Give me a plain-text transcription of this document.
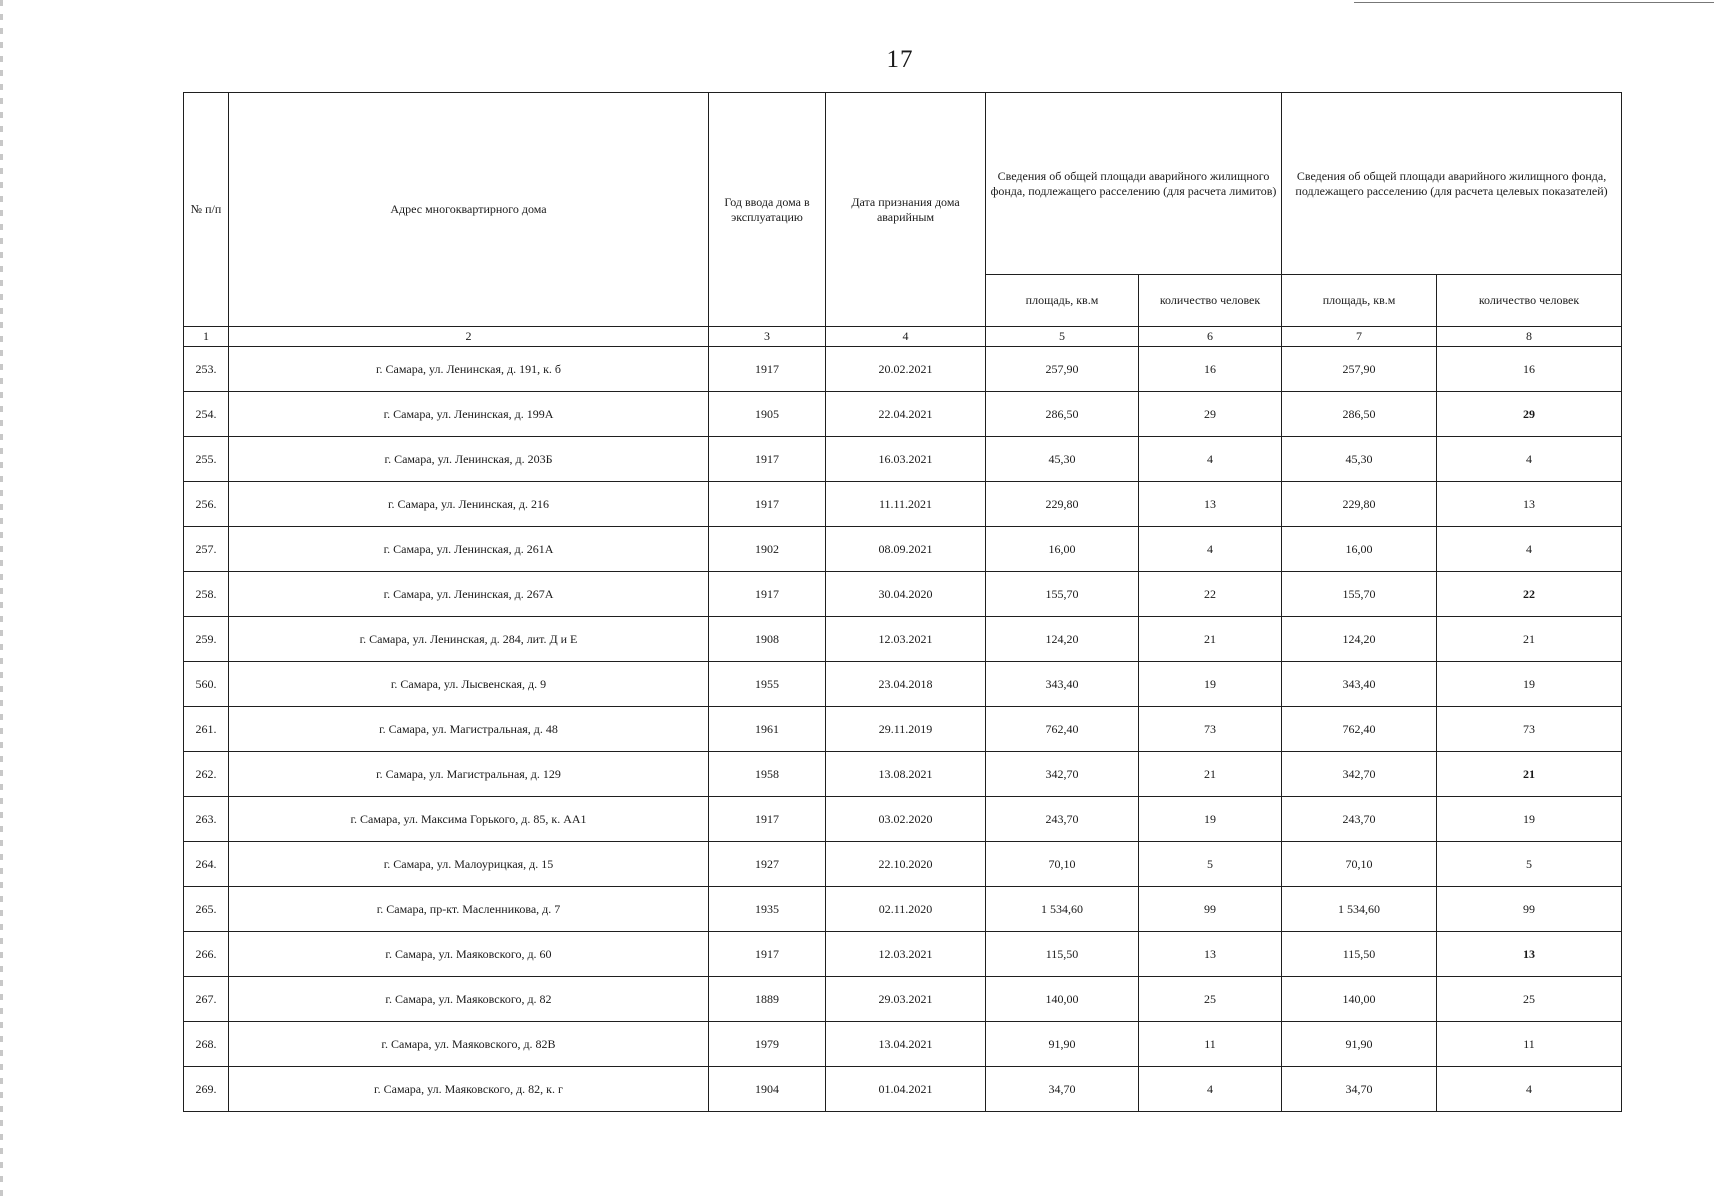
17
№ п/п	Адрес многоквартирного дома	Год ввода дома в эксплуатацию	Дата признания дома аварийным	Сведения об общей площади аварийного жилищного фонда, подлежащего расселению (для расчета лимитов)		Сведения об общей площади аварийного жилищного фонда, подлежащего расселению (для расчета целевых показателей)	
				площадь, кв.м	количество человек	площадь, кв.м	количество человек
1	2	3	4	5	6	7	8
253.	г. Самара, ул. Ленинская, д. 191, к. б	1917	20.02.2021	257,90	16	257,90	16
254.	г. Самара, ул. Ленинская, д. 199А	1905	22.04.2021	286,50	29	286,50	29
255.	г. Самара, ул. Ленинская, д. 203Б	1917	16.03.2021	45,30	4	45,30	4
256.	г. Самара, ул. Ленинская, д. 216	1917	11.11.2021	229,80	13	229,80	13
257.	г. Самара, ул. Ленинская, д. 261А	1902	08.09.2021	16,00	4	16,00	4
258.	г. Самара, ул. Ленинская, д. 267А	1917	30.04.2020	155,70	22	155,70	22
259.	г. Самара, ул. Ленинская, д. 284, лит. Д и Е	1908	12.03.2021	124,20	21	124,20	21
560.	г. Самара, ул. Лысвенская, д. 9	1955	23.04.2018	343,40	19	343,40	19
261.	г. Самара, ул. Магистральная, д. 48	1961	29.11.2019	762,40	73	762,40	73
262.	г. Самара, ул. Магистральная, д. 129	1958	13.08.2021	342,70	21	342,70	21
263.	г. Самара, ул. Максима Горького, д. 85, к. АА1	1917	03.02.2020	243,70	19	243,70	19
264.	г. Самара, ул. Малоурицкая, д. 15	1927	22.10.2020	70,10	5	70,10	5
265.	г. Самара, пр-кт. Масленникова, д. 7	1935	02.11.2020	1 534,60	99	1 534,60	99
266.	г. Самара, ул. Маяковского, д. 60	1917	12.03.2021	115,50	13	115,50	13
267.	г. Самара, ул. Маяковского, д. 82	1889	29.03.2021	140,00	25	140,00	25
268.	г. Самара, ул. Маяковского, д. 82В	1979	13.04.2021	91,90	11	91,90	11
269.	г. Самара, ул. Маяковского, д. 82, к. г	1904	01.04.2021	34,70	4	34,70	4
